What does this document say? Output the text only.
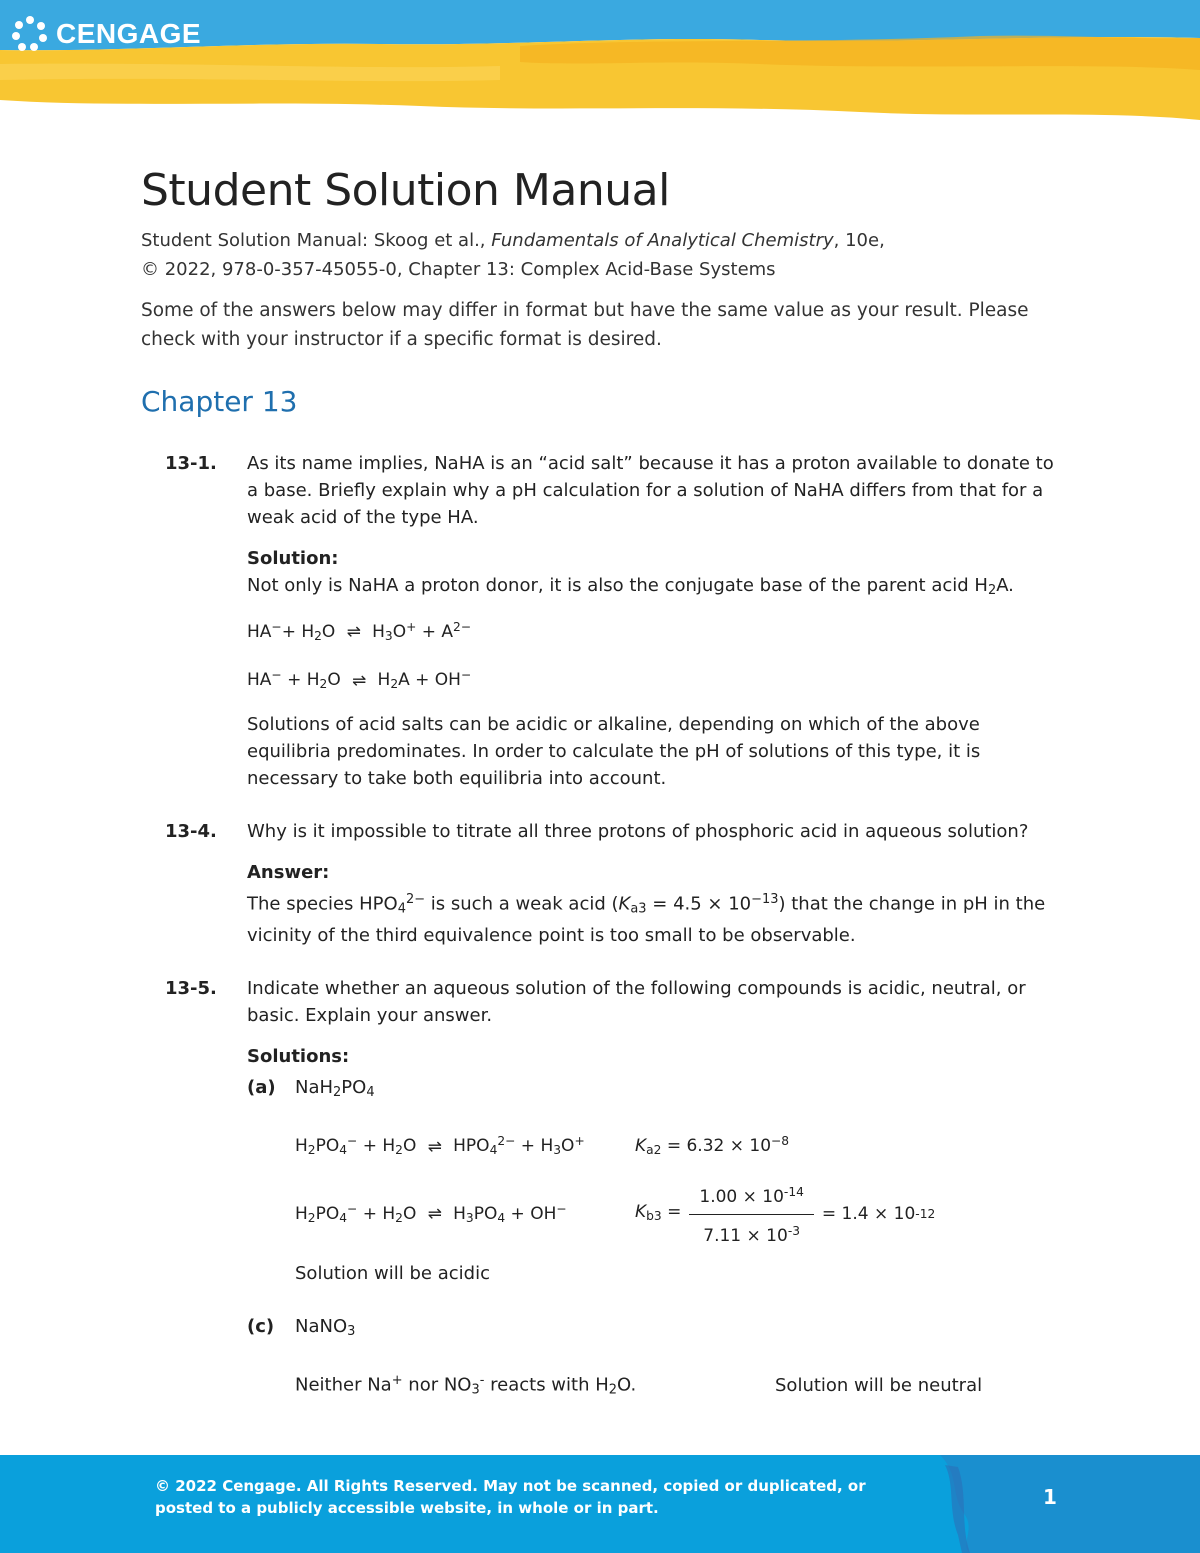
CENGAGE
Student Solution Manual
Student Solution Manual: Skoog et al., Fundamentals of Analytical Chemistry, 10e,
© 2022, 978-0-357-45055-0, Chapter 13: Complex Acid-Base Systems
Some of the answers below may differ in format but have the same value as your result. Please check with your instructor if a specific format is desired.
Chapter 13
13-1.	As its name implies, NaHA is an “acid salt” because it has a proton available to donate to a base. Briefly explain why a pH calculation for a solution of NaHA differs from that for a weak acid of the type HA.
Solution:
Not only is NaHA a proton donor, it is also the conjugate base of the parent acid $H_2A$.
$HA^-+ H_2O$ ⇌ $H_3O^+ + A^{2-}$
$HA^- + H_2O$ ⇌ $H_2A + OH^-$
Solutions of acid salts can be acidic or alkaline, depending on which of the above equilibria predominates. In order to calculate the pH of solutions of this type, it is necessary to take both equilibria into account.
13-4.	Why is it impossible to titrate all three protons of phosphoric acid in aqueous solution?
Answer:
The species $HPO_4^{2-}$ is such a weak acid $(K_{a3} = 4.5 \times 10^{-13})$ that the change in pH in the vicinity of the third equivalence point is too small to be observable.
13-5.	Indicate whether an aqueous solution of the following compounds is acidic, neutral, or basic. Explain your answer.
Solutions:
(a)	$NaH_2PO_4$
$H_2PO_4^- + H_2O$ ⇌ $HPO_4^{2-} + H_3O^+$	$K_{a2} = 6.32 \times 10^{-8}$
$H_2PO_4^- + H_2O$ ⇌ $H_3PO_4 + OH^-$	$K_{b3} = \frac{1.00 \times 10^{-14}}{7.11 \times 10^{-3}} = 1.4 \times 10$ -12
Solution will be acidic
(c)	NaNO$_3$
Neither Na+ nor $NO_3^-$ reacts with $H_2O$.	Solution will be neutral
© 2022 Cengage. All Rights Reserved. May not be scanned, copied or duplicated, or posted to a publicly accessible website, in whole or in part.	1
